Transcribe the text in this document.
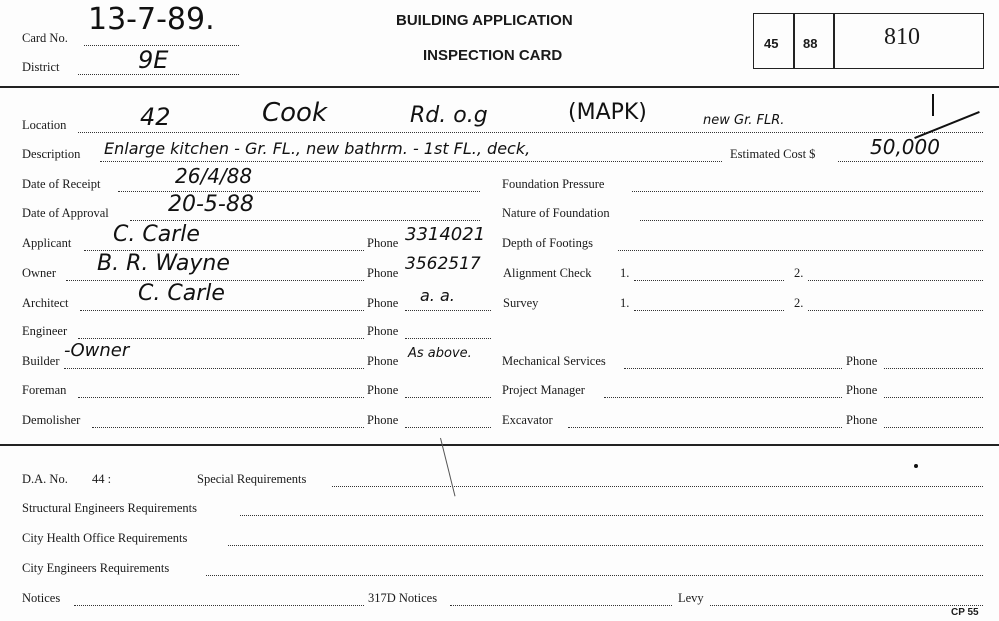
Card No.
13-7-89.
District	9E
BUILDING APPLICATION
INSPECTION CARD
45 88	810
Location	42	Cook	Rd. o.g	(MAPK)	new Gr. FLR.
Description Enlarge kitchen - Gr. FL., new bathrm. - 1st FL., deck,	Estimated Cost $	50,000
Date of Receipt	26/4/88
Date of Approval	20-5-88
Applicant C. Carle	Phone 3314021
Owner B. R. Wayne	Phone 3562517
Architect	C. Carle	Phone a. a.
Engineer	Phone
Builder -Owner	Phone As above.
Foreman	Phone
Demolisher	Phone
Foundation Pressure
Nature of Foundation
Depth of Footings
Alignment Check 1.	2.
Survey	1.	2.
Mechanical Services	Phone
Project Manager	Phone
Excavator	Phone
D.A. No. 44 :	Special Requirements
Structural Engineers Requirements
City Health Office Requirements
City Engineers Requirements
Notices	317D Notices	Levy
CP 55
